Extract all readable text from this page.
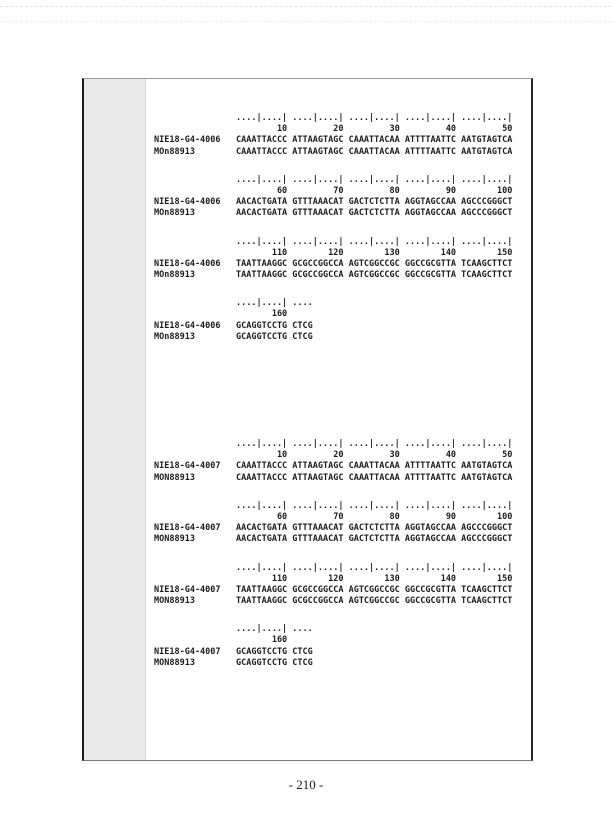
....|....| ....|....| ....|....| ....|....| ....|....|
10         20         30         40         50
NIE18-G4-4006 CAAATTACCC ATTAAGTAGC CAAATTACAA ATTTTAATTC AATGTAGTCA
MOn88913	CAAATTACCC ATTAAGTAGC CAAATTACAA ATTTTAATTC AATGTAGTCA
....|....| ....|....| ....|....| ....|....| ....|....|
60         70         80         90        100
NIE18-G4-4006 AACACTGATA GTTTAAACAT GACTCTCTTA AGGTAGCCAA AGCCCGGGCT
MOn88913	AACACTGATA GTTTAAACAT GACTCTCTTA AGGTAGCCAA AGCCCGGGCT
....|....| ....|....| ....|....| ....|....| ....|....|
110        120        130        140        150
NIE18-G4-4006 TAATTAAGGC GCGCCGGCCA AGTCGGCCGC GGCCGCGTTA TCAAGCTTCT
MOn88913	TAATTAAGGC GCGCCGGCCA AGTCGGCCGC GGCCGCGTTA TCAAGCTTCT
....|....| ....
160
NIE18-G4-4006 GCAGGTCCTG CTCG
MOn88913	GCAGGTCCTG CTCG
....|....| ....|....| ....|....| ....|....| ....|....|
10         20         30         40         50
NIE18-G4-4007 CAAATTACCC ATTAAGTAGC CAAATTACAA ATTTTAATTC AATGTAGTCA
MON88913	CAAATTACCC ATTAAGTAGC CAAATTACAA ATTTTAATTC AATGTAGTCA
....|....| ....|....| ....|....| ....|....| ....|....|
60         70         80         90        100
NIE18-G4-4007 AACACTGATA GTTTAAACAT GACTCTCTTA AGGTAGCCAA AGCCCGGGCT
MON88913	AACACTGATA GTTTAAACAT GACTCTCTTA AGGTAGCCAA AGCCCGGGCT
....|....| ....|....| ....|....| ....|....| ....|....|
110        120        130        140        150
NIE18-G4-4007 TAATTAAGGC GCGCCGGCCA AGTCGGCCGC GGCCGCGTTA TCAAGCTTCT
MON88913	TAATTAAGGC GCGCCGGCCA AGTCGGCCGC GGCCGCGTTA TCAAGCTTCT
....|....| ....
160
NIE18-G4-4007 GCAGGTCCTG CTCG
MON88913	GCAGGTCCTG CTCG
- 210 -
